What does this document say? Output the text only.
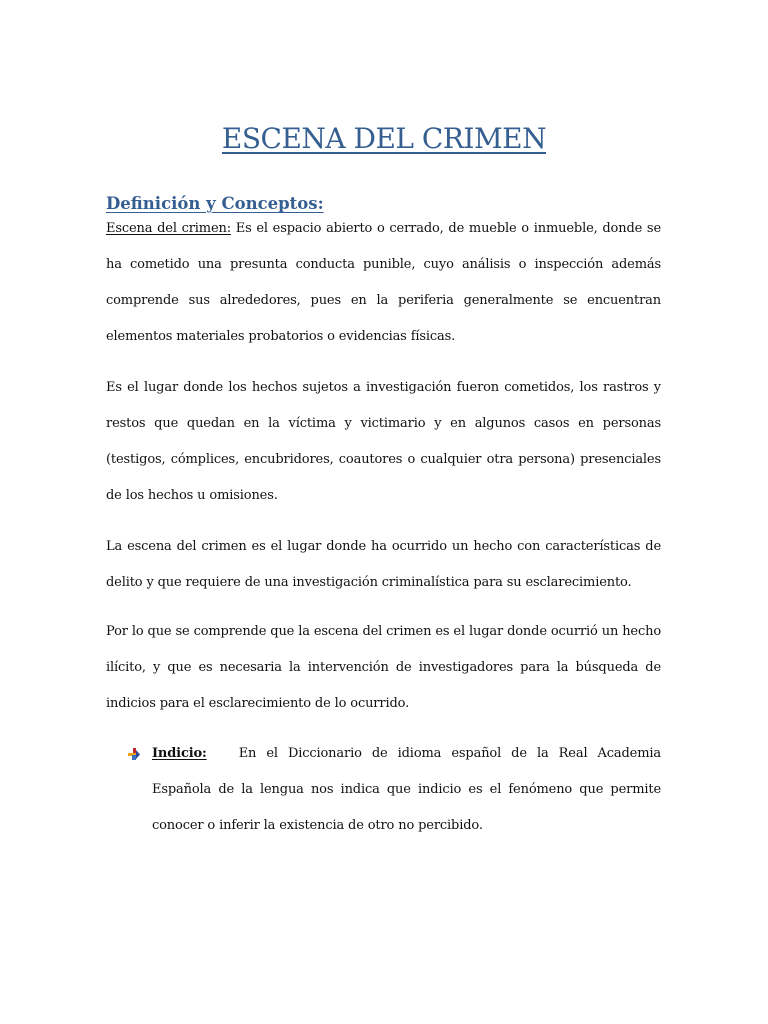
ESCENA DEL CRIMEN
Definición y Conceptos:
Escena del crimen: Es el espacio abierto o cerrado, de mueble o inmueble, donde se ha cometido una presunta conducta punible, cuyo análisis o inspección además comprende sus alrededores, pues en la periferia generalmente se encuentran elementos materiales probatorios o evidencias físicas.
Es el lugar donde los hechos sujetos a investigación fueron cometidos, los rastros y restos que quedan en la víctima y victimario y en algunos casos en personas (testigos, cómplices, encubridores, coautores o cualquier otra persona) presenciales de los hechos u omisiones.
La escena del crimen es el lugar donde ha ocurrido un hecho con características de delito y que requiere de una investigación criminalística para su esclarecimiento.
Por lo que se comprende que la escena del crimen es el lugar donde ocurrió un hecho ilícito, y que es necesaria la intervención de investigadores para la búsqueda de indicios para el esclarecimiento de lo ocurrido.
Indicio: En el Diccionario de idioma español de la Real Academia Española de la lengua nos indica que indicio es el fenómeno que permite conocer o inferir la existencia de otro no percibido.
